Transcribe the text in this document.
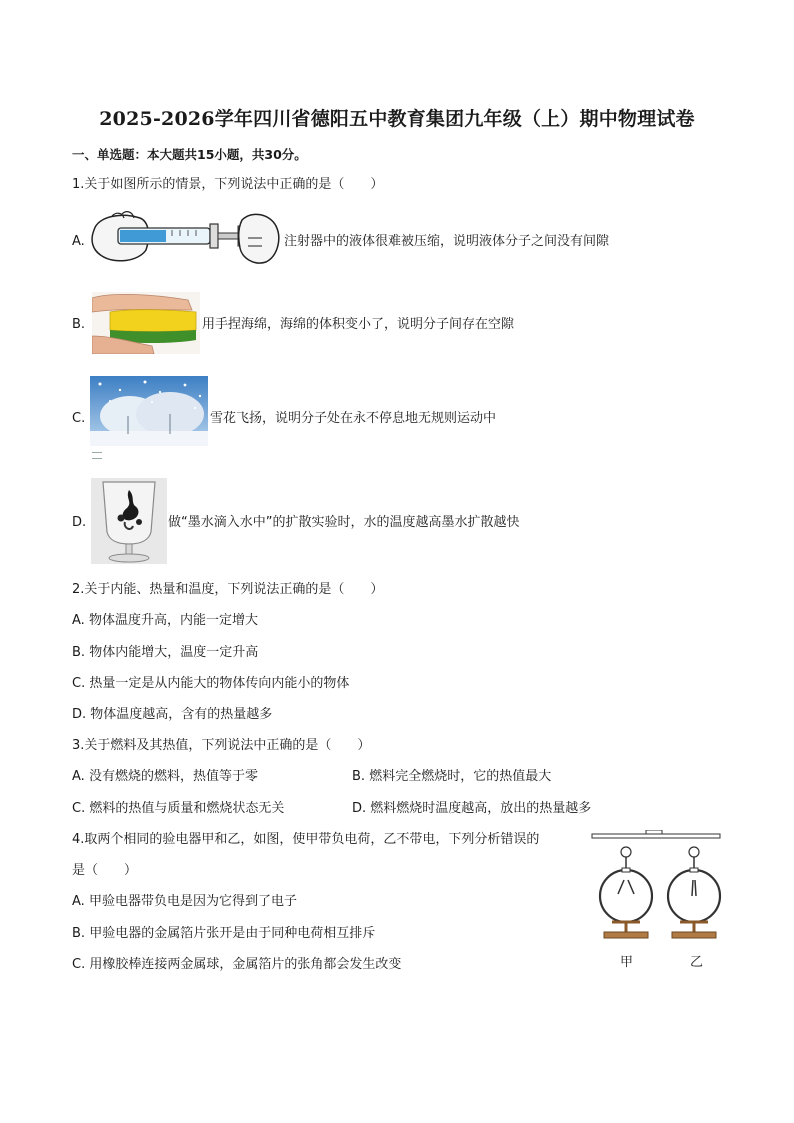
2025-2026学年四川省德阳五中教育集团九年级（上）期中物理试卷
一、单选题：本大题共15小题，共30分。
1.关于如图所示的情景，下列说法中正确的是（　　）
A.	注射器中的液体很难被压缩，说明液体分子之间没有间隙
B.	用手捏海绵，海绵的体积变小了，说明分子间存在空隙
C.	雪花飞扬，说明分子处在永不停息地无规则运动中
D.	做“墨水滴入水中”的扩散实验时，水的温度越高墨水扩散越快
2.关于内能、热量和温度，下列说法正确的是（　　）
A. 物体温度升高，内能一定增大
B. 物体内能增大，温度一定升高
C. 热量一定是从内能大的物体传向内能小的物体
D. 物体温度越高，含有的热量越多
3.关于燃料及其热值，下列说法中正确的是（　　）
A. 没有燃烧的燃料，热值等于零	B. 燃料完全燃烧时，它的热值最大
C. 燃料的热值与质量和燃烧状态无关	D. 燃料燃烧时温度越高，放出的热量越多
4.取两个相同的验电器甲和乙，如图，使甲带负电荷，乙不带电，下列分析错误的
是（　　）
A. 甲验电器带负电是因为它得到了电子
B. 甲验电器的金属箔片张开是由于同种电荷相互排斥
C. 用橡胶棒连接两金属球，金属箔片的张角都会发生改变	甲	乙
